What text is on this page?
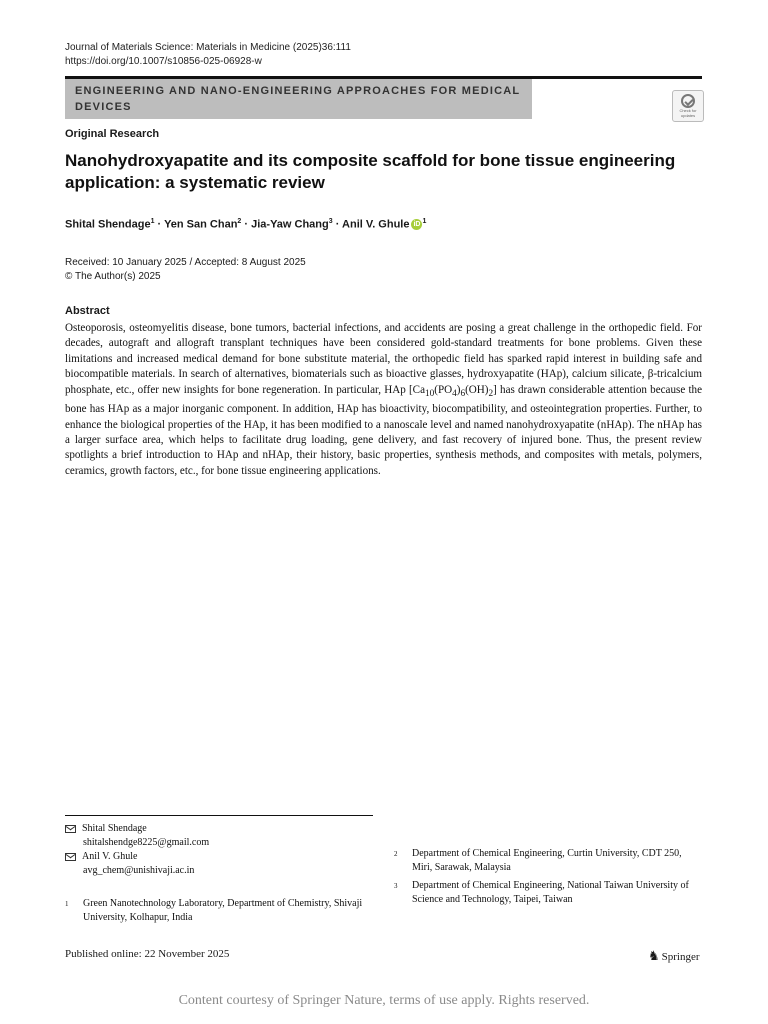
Journal of Materials Science: Materials in Medicine (2025)36:111
https://doi.org/10.1007/s10856-025-06928-w
ENGINEERING AND NANO-ENGINEERING APPROACHES FOR MEDICAL DEVICES	Check for updates
Original Research
Nanohydroxyapatite and its composite scaffold for bone tissue engineering application: a systematic review
Shital Shendage$^1$ · Yen San Chan$^2$ · Jia-Yaw Chang$^3$ · Anil V. Ghule iD $^1$
Received: 10 January 2025 / Accepted: 8 August 2025
© The Author(s) 2025
Abstract
Osteoporosis, osteomyelitis disease, bone tumors, bacterial infections, and accidents are posing a great challenge in the orthopedic field. For decades, autograft and allograft transplant techniques have been considered gold-standard treatments for bone problems. Given these limitations and increased medical demand for bone substitute material, the orthopedic field has sparked rapid interest in building safe and biocompatible materials. In search of alternatives, biomaterials such as bioactive glasses, hydroxyapatite (HAp), calcium silicate, β-tricalcium phosphate, etc., offer new insights for bone regeneration. In particular, HAp $[Ca_{10}(PO_4)_6(OH)_2]$ has drawn considerable attention because the bone has HAp as a major inorganic component. In addition, HAp has bioactivity, biocompatibility, and osteointegration properties. Further, to enhance the biological properties of the HAp, it has been modified to a nanoscale level and named nanohydroxyapatite (nHAp). The nHAp has a larger surface area, which helps to facilitate drug loading, gene delivery, and fast recovery of injured bone. Thus, the present review spotlights a brief introduction to HAp and nHAp, their history, basic properties, synthesis methods, and composites with metals, polymers, ceramics, growth factors, etc., for bone tissue engineering applications.
Shital Shendage
shitalshendge8225@gmail.com
Anil V. Ghule
avg_chem@unishivaji.ac.in
1	Green Nanotechnology Laboratory, Department of Chemistry, Shivaji University, Kolhapur, India
2	Department of Chemical Engineering, Curtin University, CDT 250, Miri, Sarawak, Malaysia
3	Department of Chemical Engineering, National Taiwan University of Science and Technology, Taipei, Taiwan
Published online: 22 November 2025	♞ Springer
Content courtesy of Springer Nature, terms of use apply. Rights reserved.
